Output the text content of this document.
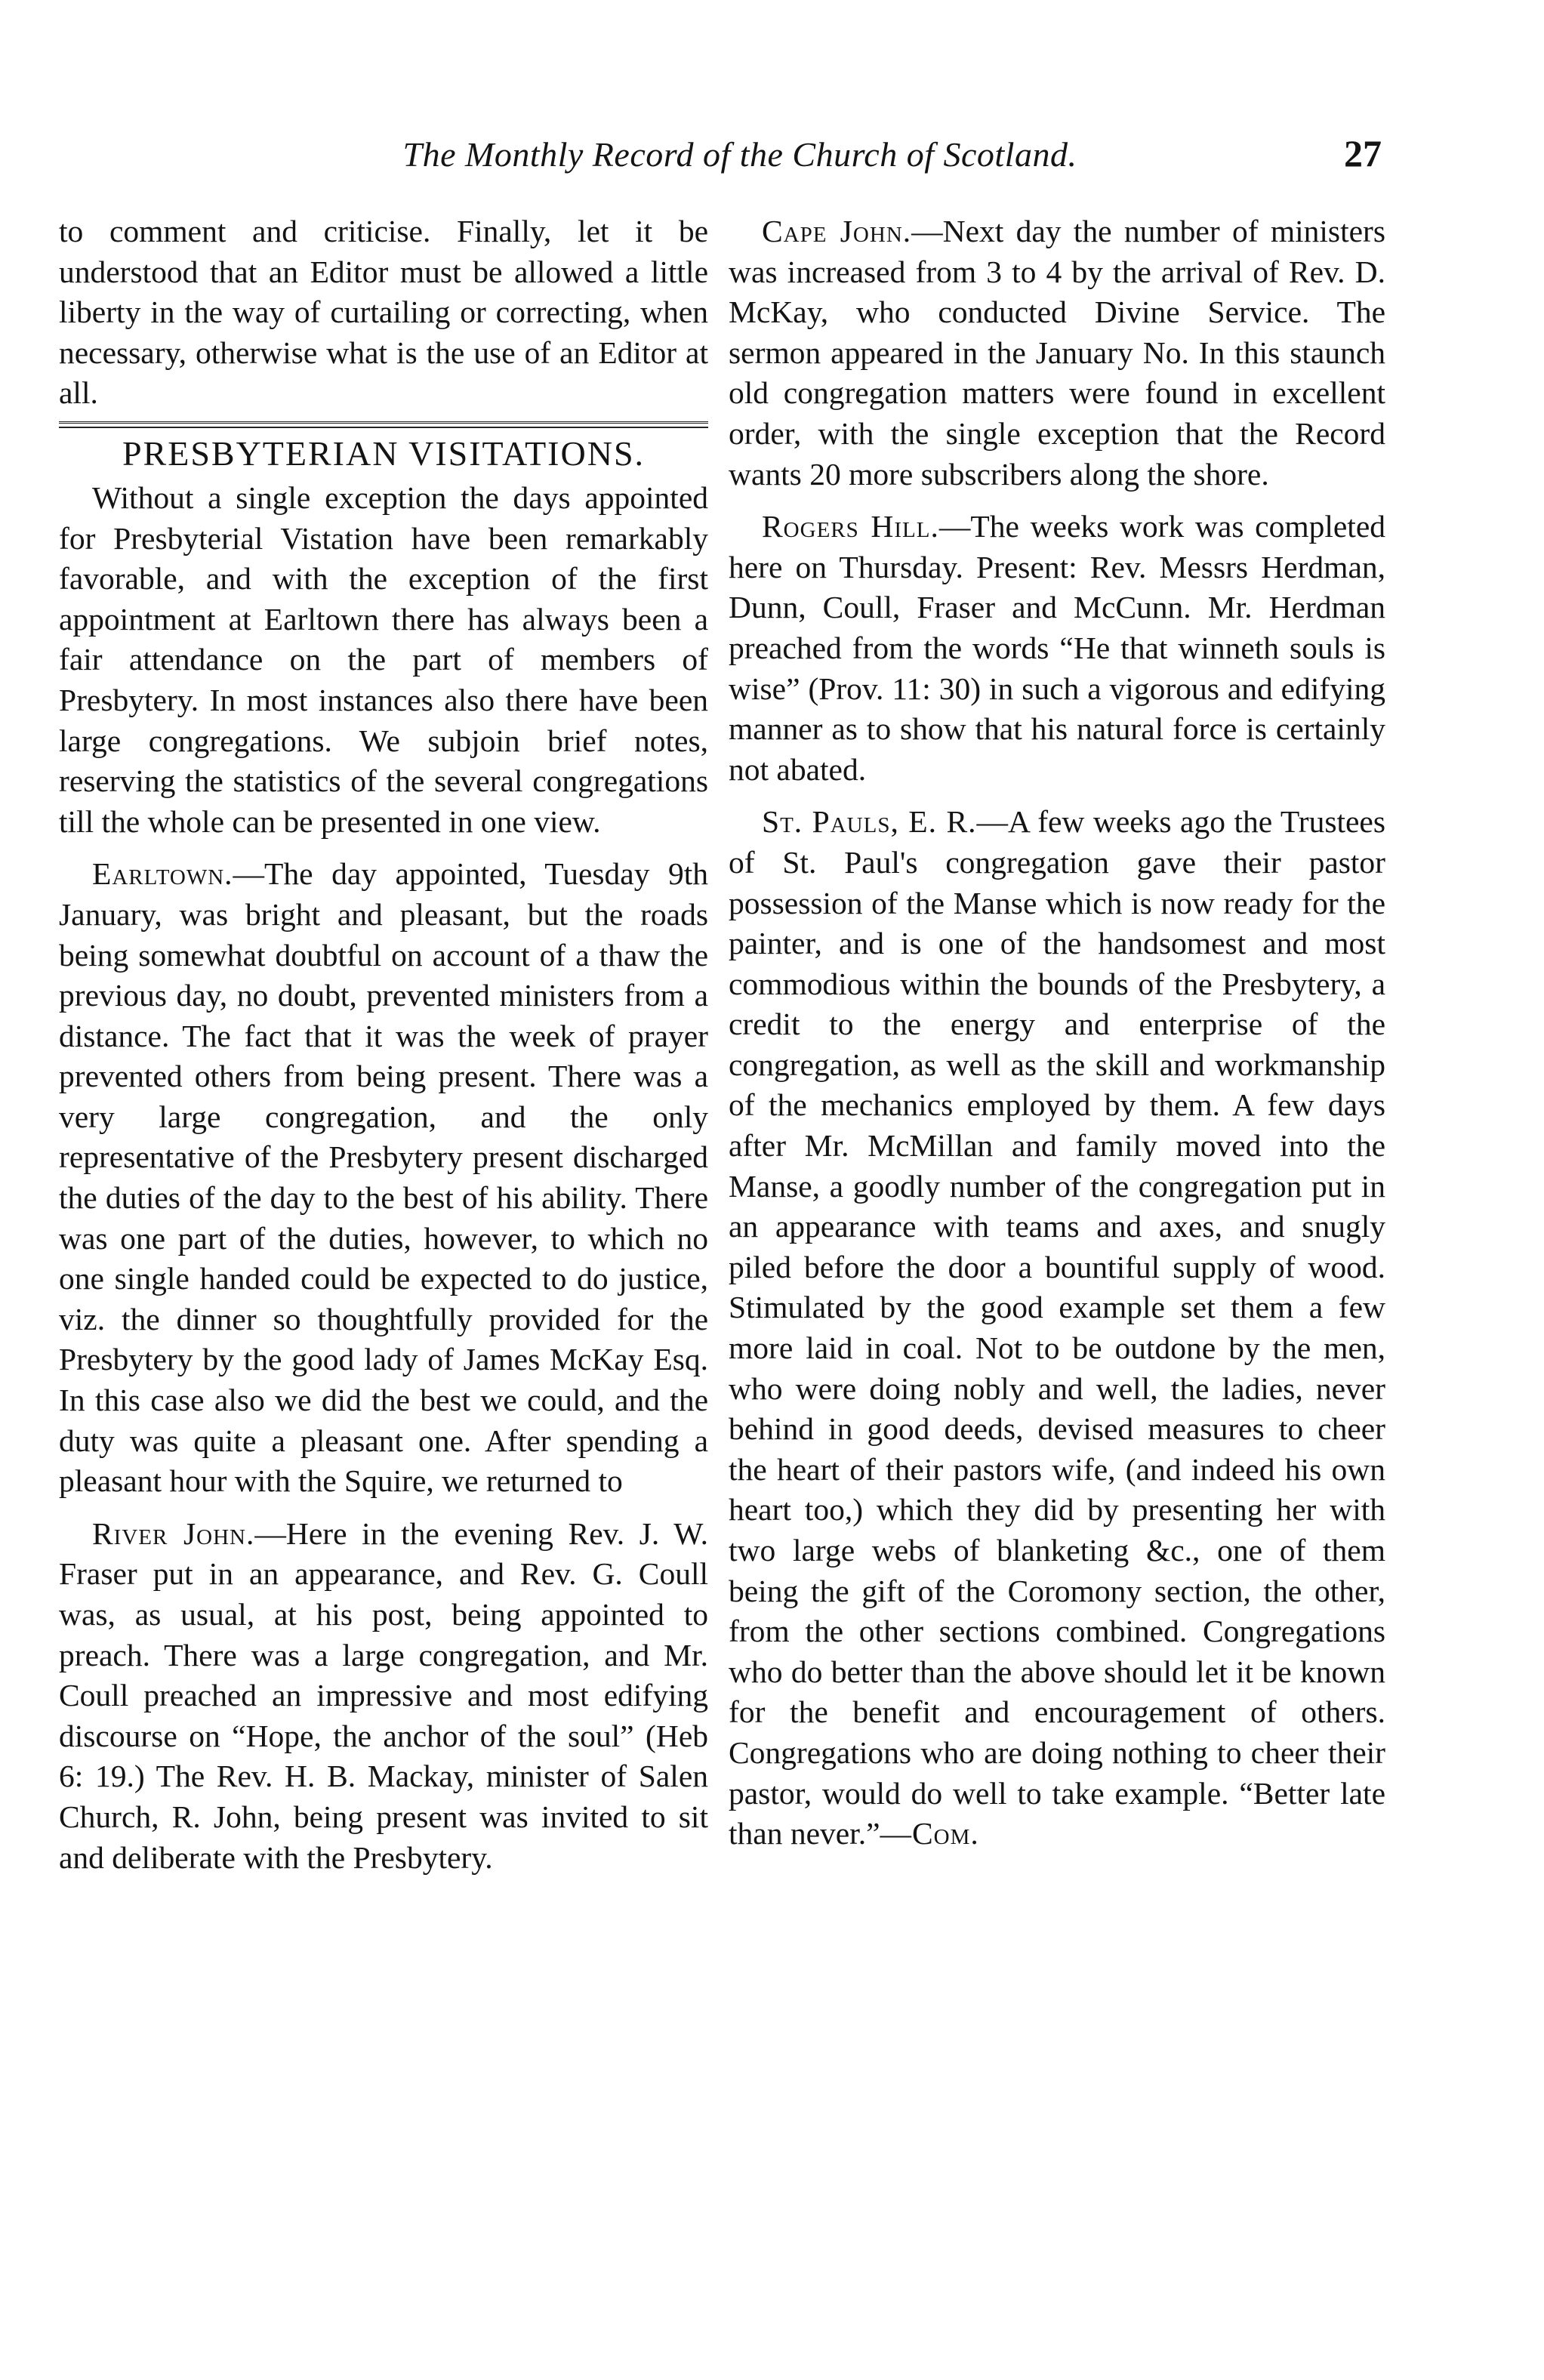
The Monthly Record of the Church of Scotland.	27

to comment and criticise. Finally, let it be understood that an Editor must be allowed a little liberty in the way of curtailing or correcting, when necessary, otherwise what is the use of an Editor at all.

PRESBYTERIAN VISITATIONS.

Without a single exception the days appointed for Presbyterial Vistation have been remarkably favorable, and with the exception of the first appointment at Earltown there has always been a fair attendance on the part of members of Presbytery. In most instances also there have been large congregations. We subjoin brief notes, reserving the statistics of the several congregations till the whole can be presented in one view.

Earltown.—The day appointed, Tuesday 9th January, was bright and pleasant, but the roads being somewhat doubtful on account of a thaw the previous day, no doubt, prevented ministers from a distance. The fact that it was the week of prayer prevented others from being present. There was a very large congregation, and the only representative of the Presbytery present discharged the duties of the day to the best of his ability. There was one part of the duties, however, to which no one single handed could be expected to do justice, viz. the dinner so thoughtfully provided for the Presbytery by the good lady of James McKay Esq. In this case also we did the best we could, and the duty was quite a pleasant one. After spending a pleasant hour with the Squire, we returned to

River John.—Here in the evening Rev. J. W. Fraser put in an appearance, and Rev. G. Coull was, as usual, at his post, being appointed to preach. There was a large congregation, and Mr. Coull preached an impressive and most edifying discourse on “Hope, the anchor of the soul” (Heb 6: 19.) The Rev. H. B. Mackay, minister of Salen Church, R. John, being present was invited to sit and deliberate with the Presbytery.

Cape John.—Next day the number of ministers was increased from 3 to 4 by the arrival of Rev. D. McKay, who conducted Divine Service. The sermon appeared in the January No. In this staunch old congregation matters were found in excellent order, with the single exception that the Record wants 20 more subscribers along the shore.

Rogers Hill.—The weeks work was completed here on Thursday. Present: Rev. Messrs Herdman, Dunn, Coull, Fraser and McCunn. Mr. Herdman preached from the words “He that winneth souls is wise” (Prov. 11: 30) in such a vigorous and edifying manner as to show that his natural force is certainly not abated.

St. Pauls, E. R.—A few weeks ago the Trustees of St. Paul's congregation gave their pastor possession of the Manse which is now ready for the painter, and is one of the handsomest and most commodious within the bounds of the Presbytery, a credit to the energy and enterprise of the congregation, as well as the skill and workmanship of the mechanics employed by them. A few days after Mr. McMillan and family moved into the Manse, a goodly number of the congregation put in an appearance with teams and axes, and snugly piled before the door a bountiful supply of wood. Stimulated by the good example set them a few more laid in coal. Not to be outdone by the men, who were doing nobly and well, the ladies, never behind in good deeds, devised measures to cheer the heart of their pastors wife, (and indeed his own heart too,) which they did by presenting her with two large webs of blanketing &c., one of them being the gift of the Coromony section, the other, from the other sections combined. Congregations who do better than the above should let it be known for the benefit and encouragement of others. Congregations who are doing nothing to cheer their pastor, would do well to take example. “Better late than never.”—Com.
